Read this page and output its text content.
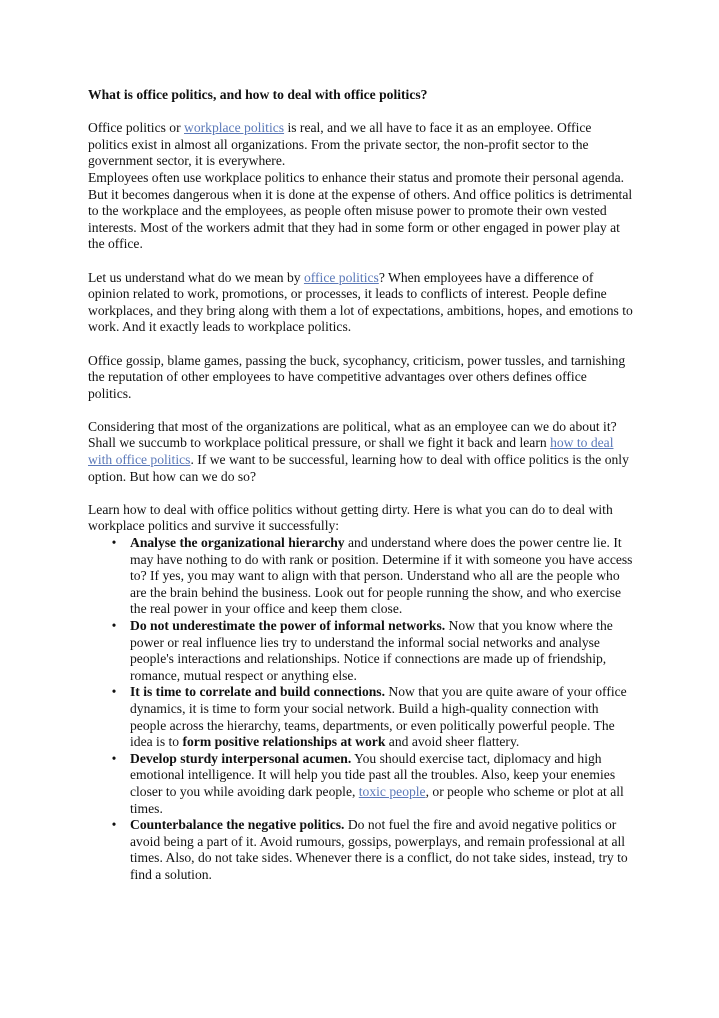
What is office politics, and how to deal with office politics?

Office politics or workplace politics is real, and we all have to face it as an employee. Office politics exist in almost all organizations. From the private sector, the non-profit sector to the government sector, it is everywhere.

Employees often use workplace politics to enhance their status and promote their personal agenda. But it becomes dangerous when it is done at the expense of others. And office politics is detrimental to the workplace and the employees, as people often misuse power to promote their own vested interests. Most of the workers admit that they had in some form or other engaged in power play at the office.

Let us understand what do we mean by office politics? When employees have a difference of opinion related to work, promotions, or processes, it leads to conflicts of interest. People define workplaces, and they bring along with them a lot of expectations, ambitions, hopes, and emotions to work. And it exactly leads to workplace politics.

Office gossip, blame games, passing the buck, sycophancy, criticism, power tussles, and tarnishing the reputation of other employees to have competitive advantages over others defines office politics.

Considering that most of the organizations are political, what as an employee can we do about it? Shall we succumb to workplace political pressure, or shall we fight it back and learn how to deal with office politics. If we want to be successful, learning how to deal with office politics is the only option. But how can we do so?

Learn how to deal with office politics without getting dirty. Here is what you can do to deal with workplace politics and survive it successfully:

• Analyse the organizational hierarchy and understand where does the power centre lie. It may have nothing to do with rank or position. Determine if it with someone you have access to? If yes, you may want to align with that person. Understand who all are the people who are the brain behind the business. Look out for people running the show, and who exercise the real power in your office and keep them close.
• Do not underestimate the power of informal networks. Now that you know where the power or real influence lies try to understand the informal social networks and analyse people's interactions and relationships. Notice if connections are made up of friendship, romance, mutual respect or anything else.
• It is time to correlate and build connections. Now that you are quite aware of your office dynamics, it is time to form your social network. Build a high-quality connection with people across the hierarchy, teams, departments, or even politically powerful people. The idea is to form positive relationships at work and avoid sheer flattery.
• Develop sturdy interpersonal acumen. You should exercise tact, diplomacy and high emotional intelligence. It will help you tide past all the troubles. Also, keep your enemies closer to you while avoiding dark people, toxic people, or people who scheme or plot at all times.
• Counterbalance the negative politics. Do not fuel the fire and avoid negative politics or avoid being a part of it. Avoid rumours, gossips, powerplays, and remain professional at all times. Also, do not take sides. Whenever there is a conflict, do not take sides, instead, try to find a solution.
